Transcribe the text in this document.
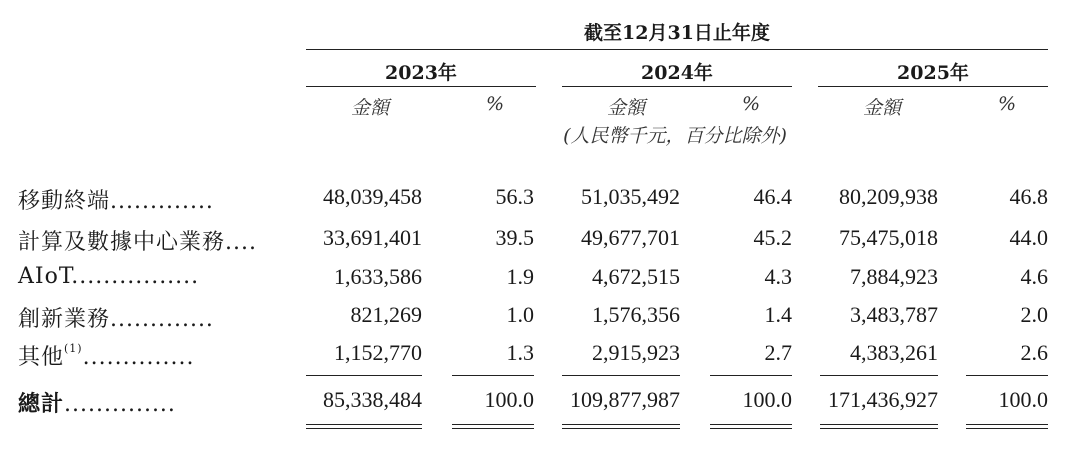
截至12月31日止年度
2023年	2024年	2025年
金額	%	金額	%	金額	%
(人民幣千元，百分比除外)
移動終端.............	48,039,458	56.3	51,035,492	46.4	80,209,938	46.8
計算及數據中心業務....	33,691,401	39.5	49,677,701	45.2	75,475,018	44.0
AIoT................	1,633,586	1.9	4,672,515	4.3	7,884,923	4.6
創新業務.............	821,269	1.0	1,576,356	1.4	3,483,787	2.0
其他$^{(1)}$..............	1,152,770	1.3	2,915,923	2.7	4,383,261	2.6
總計..............	85,338,484	100.0	109,877,987	100.0	171,436,927	100.0
